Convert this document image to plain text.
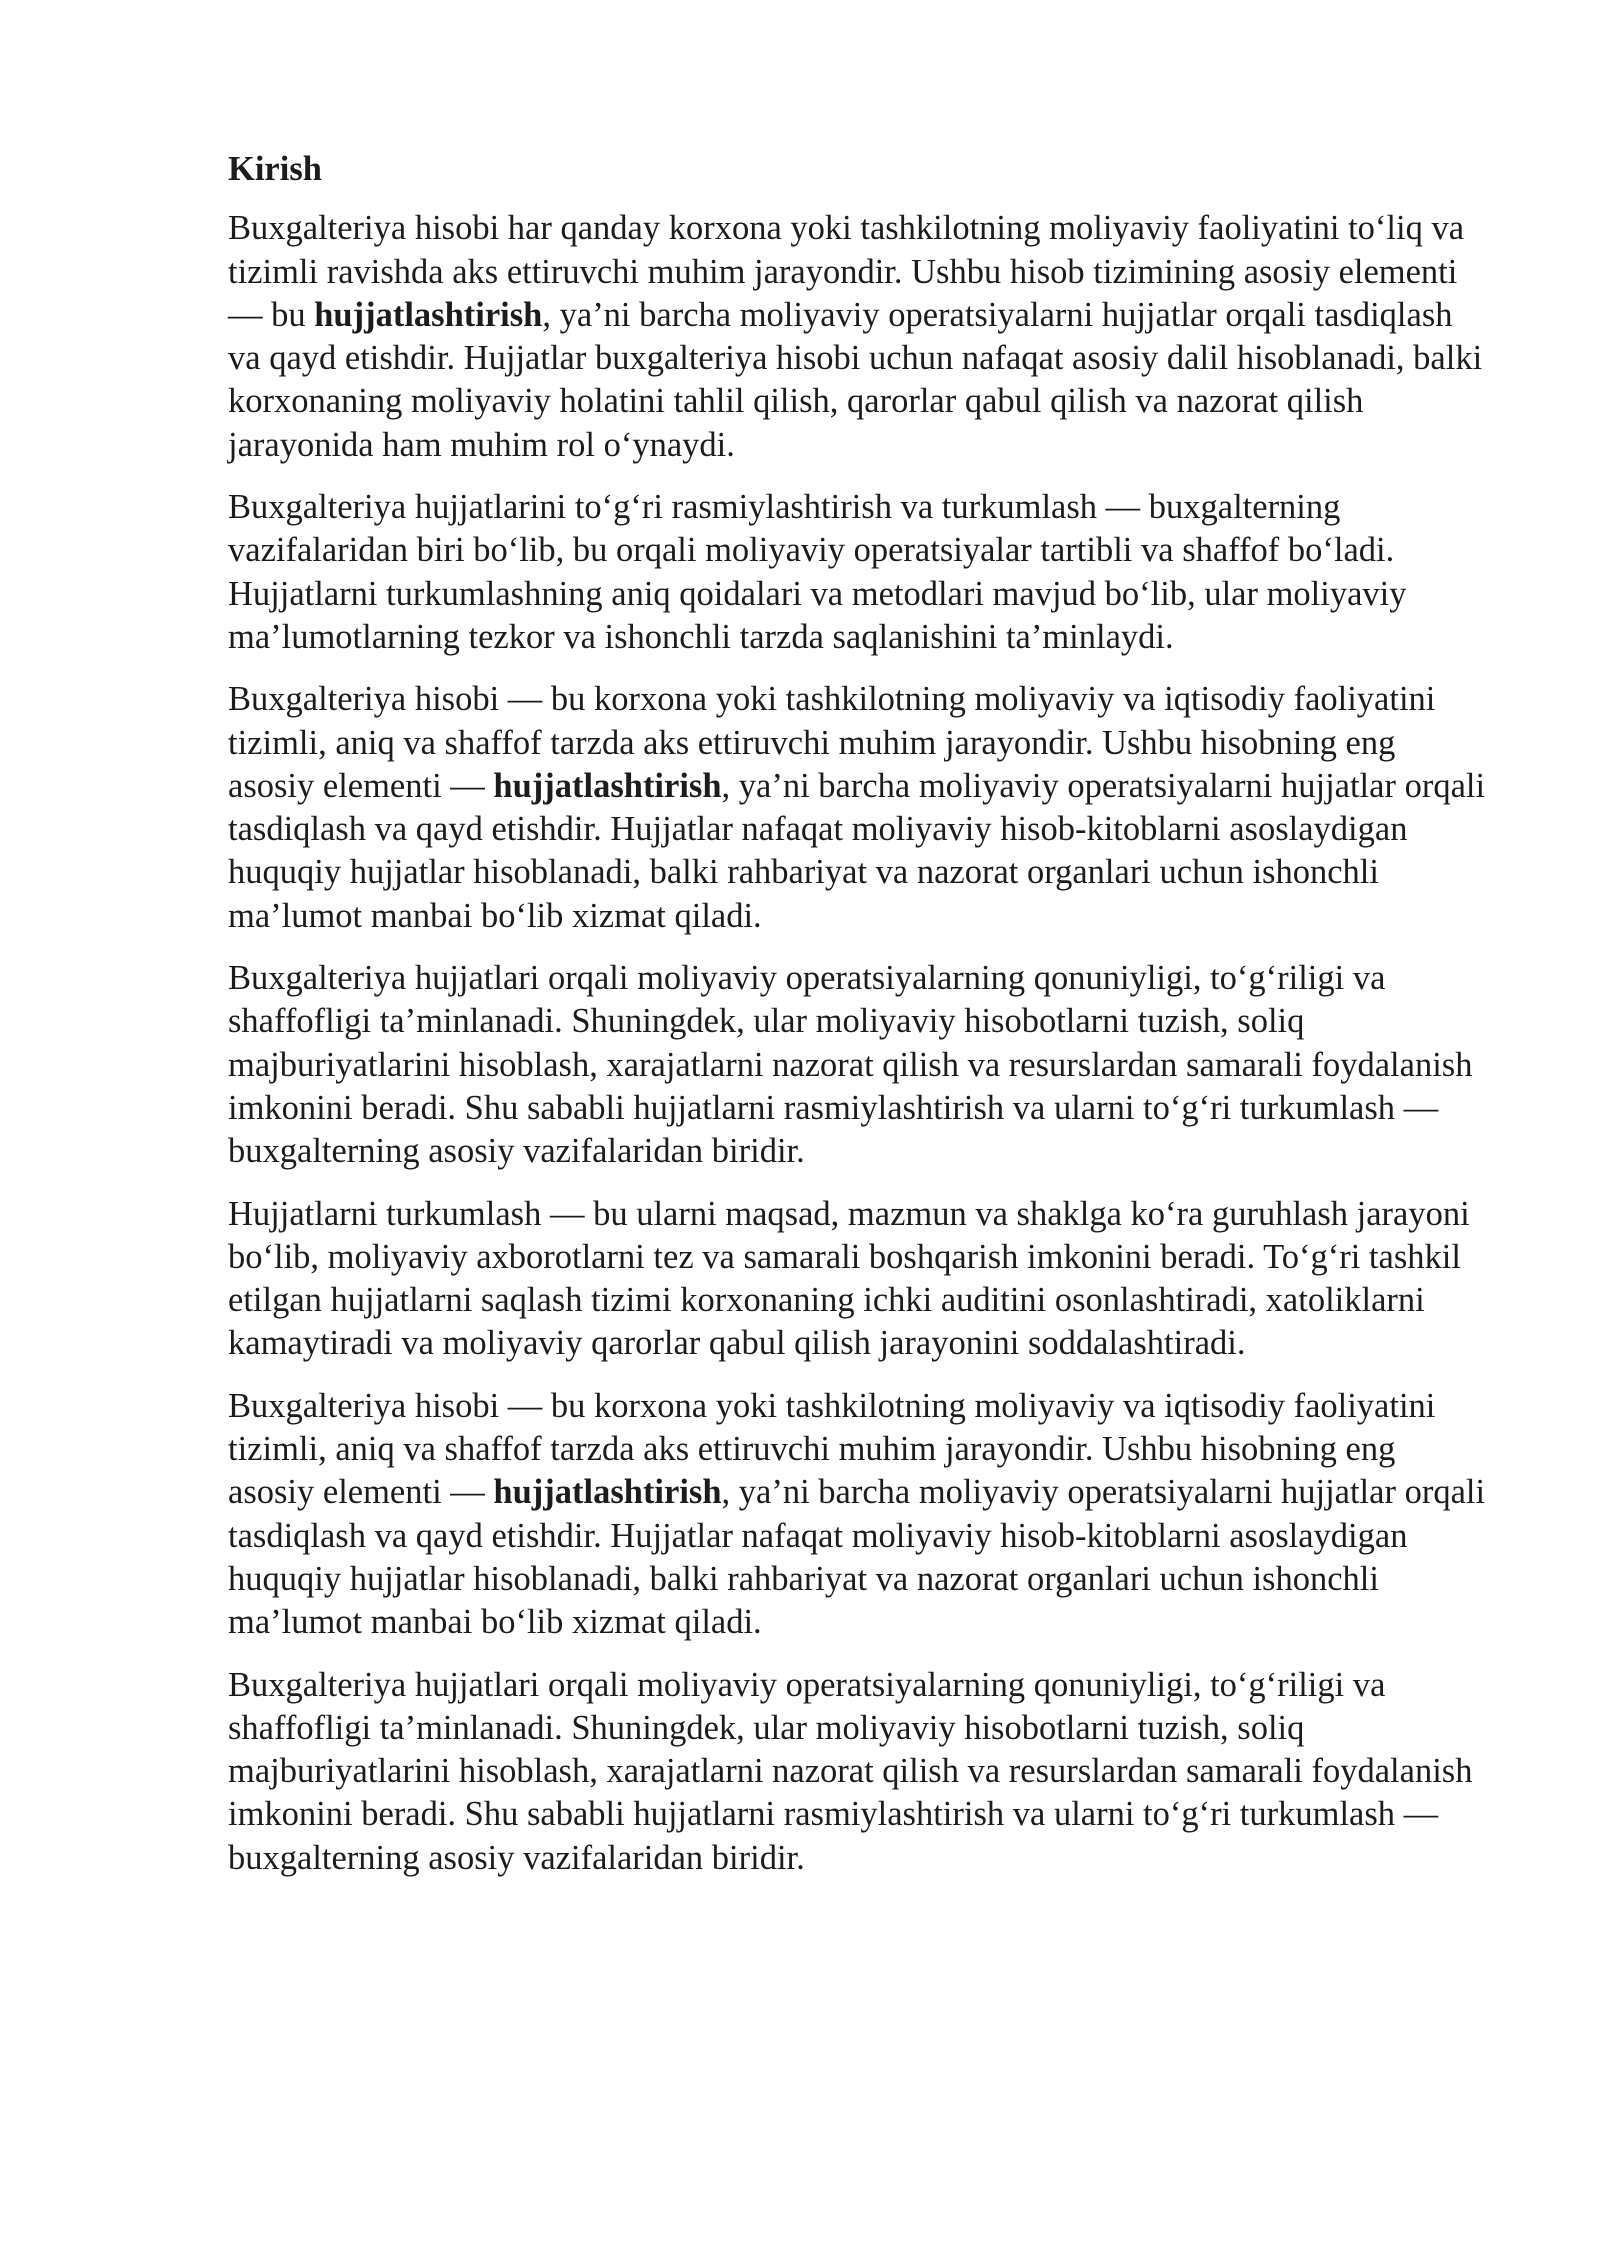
Kirish

Buxgalteriya hisobi har qanday korxona yoki tashkilotning moliyaviy faoliyatini to‘liq va tizimli ravishda aks ettiruvchi muhim jarayondir. Ushbu hisob tizimining asosiy elementi — bu hujjatlashtirish, ya’ni barcha moliyaviy operatsiyalarni hujjatlar orqali tasdiqlash va qayd etishdir. Hujjatlar buxgalteriya hisobi uchun nafaqat asosiy dalil hisoblanadi, balki korxonaning moliyaviy holatini tahlil qilish, qarorlar qabul qilish va nazorat qilish jarayonida ham muhim rol o‘ynaydi.

Buxgalteriya hujjatlarini to‘g‘ri rasmiylashtirish va turkumlash — buxgalterning vazifalaridan biri bo‘lib, bu orqali moliyaviy operatsiyalar tartibli va shaffof bo‘ladi. Hujjatlarni turkumlashning aniq qoidalari va metodlari mavjud bo‘lib, ular moliyaviy ma’lumotlarning tezkor va ishonchli tarzda saqlanishini ta’minlaydi.

Buxgalteriya hisobi — bu korxona yoki tashkilotning moliyaviy va iqtisodiy faoliyatini tizimli, aniq va shaffof tarzda aks ettiruvchi muhim jarayondir. Ushbu hisobning eng asosiy elementi — hujjatlashtirish, ya’ni barcha moliyaviy operatsiyalarni hujjatlar orqali tasdiqlash va qayd etishdir. Hujjatlar nafaqat moliyaviy hisob-kitoblarni asoslaydigan huquqiy hujjatlar hisoblanadi, balki rahbariyat va nazorat organlari uchun ishonchli ma’lumot manbai bo‘lib xizmat qiladi.

Buxgalteriya hujjatlari orqali moliyaviy operatsiyalarning qonuniyligi, to‘g‘riligi va shaffofligi ta’minlanadi. Shuningdek, ular moliyaviy hisobotlarni tuzish, soliq majburiyatlarini hisoblash, xarajatlarni nazorat qilish va resurslardan samarali foydalanish imkonini beradi. Shu sababli hujjatlarni rasmiylashtirish va ularni to‘g‘ri turkumlash — buxgalterning asosiy vazifalaridan biridir.

Hujjatlarni turkumlash — bu ularni maqsad, mazmun va shaklga ko‘ra guruhlash jarayoni bo‘lib, moliyaviy axborotlarni tez va samarali boshqarish imkonini beradi. To‘g‘ri tashkil etilgan hujjatlarni saqlash tizimi korxonaning ichki auditini osonlashtiradi, xatoliklarni kamaytiradi va moliyaviy qarorlar qabul qilish jarayonini soddalashtiradi.

Buxgalteriya hisobi — bu korxona yoki tashkilotning moliyaviy va iqtisodiy faoliyatini tizimli, aniq va shaffof tarzda aks ettiruvchi muhim jarayondir. Ushbu hisobning eng asosiy elementi — hujjatlashtirish, ya’ni barcha moliyaviy operatsiyalarni hujjatlar orqali tasdiqlash va qayd etishdir. Hujjatlar nafaqat moliyaviy hisob-kitoblarni asoslaydigan huquqiy hujjatlar hisoblanadi, balki rahbariyat va nazorat organlari uchun ishonchli ma’lumot manbai bo‘lib xizmat qiladi.

Buxgalteriya hujjatlari orqali moliyaviy operatsiyalarning qonuniyligi, to‘g‘riligi va shaffofligi ta’minlanadi. Shuningdek, ular moliyaviy hisobotlarni tuzish, soliq majburiyatlarini hisoblash, xarajatlarni nazorat qilish va resurslardan samarali foydalanish imkonini beradi. Shu sababli hujjatlarni rasmiylashtirish va ularni to‘g‘ri turkumlash — buxgalterning asosiy vazifalaridan biridir.
